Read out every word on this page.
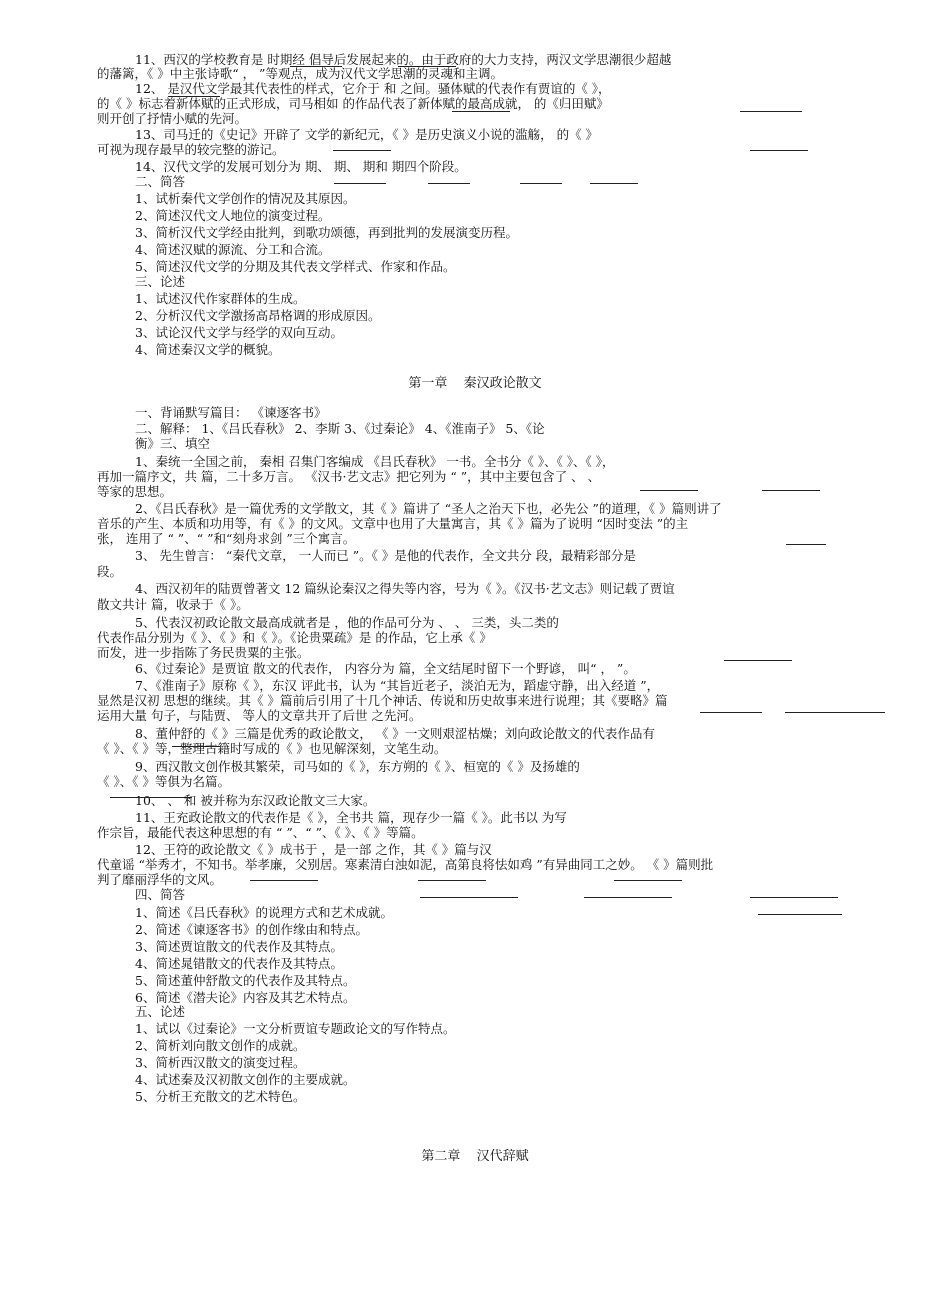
11、西汉的学校教育是 时期经 倡导后发展起来的。由于政府的大力支持，两汉文学思潮很少超越
的藩篱，《 》中主张诗歌“ ， ”等观点，成为汉代文学思潮的灵魂和主调。
12、 是汉代文学最其代表性的样式，它介于 和 之间。骚体赋的代表作有贾谊的《 》，
的《 》标志着新体赋的正式形成，司马相如 的作品代表了新体赋的最高成就， 的《归田赋》
则开创了抒情小赋的先河。
13、司马迁的《史记》开辟了 文学的新纪元，《 》是历史演义小说的滥觞， 的《 》
可视为现存最早的较完整的游记。
14、汉代文学的发展可划分为 期、 期、 期和 期四个阶段。
二、简答
1、试析秦代文学创作的情况及其原因。
2、简述汉代文人地位的演变过程。
3、简析汉代文学经由批判，到歌功颂德，再到批判的发展演变历程。
4、简述汉赋的源流、分工和合流。
5、简述汉代文学的分期及其代表文学样式、作家和作品。
三、论述
1、试述汉代作家群体的生成。
2、分析汉代文学激扬高昂格调的形成原因。
3、试论汉代文学与经学的双向互动。
4、简述秦汉文学的概貌。
第一章 秦汉政论散文
一、背诵默写篇目： 《谏逐客书》
二、解释： 1、《吕氏春秋》 2、李斯 3、《过秦论》 4、《淮南子》 5、《论
衡》三、填空
1、秦统一全国之前， 秦相 召集门客编成 《吕氏春秋》 一书。全书分《 》、《 》、《 》，
再加一篇序文，共 篇，二十多万言。 《汉书·艺文志》把它列为 “ ”，其中主要包含了 、 、
等家的思想。
2、《吕氏春秋》是一篇优秀的文学散文，其《 》篇讲了 “圣人之治天下也，必先公 ”的道理，《 》篇则讲了
音乐的产生、本质和功用等，有《 》的文风。文章中也用了大量寓言，其《 》篇为了说明 “因时变法 ”的主
张， 连用了 “ ”、“ ”和“刻舟求剑 ”三个寓言。
3、 先生曾言： “秦代文章， 一人而已 ”。《 》是他的代表作，全文共分 段，最精彩部分是
段。
4、西汉初年的陆贾曾著文 12 篇纵论秦汉之得失等内容，号为《 》。《汉书·艺文志》则记载了贾谊
散文共计 篇，收录于《 》。
5、代表汉初政论散文最高成就者是 ，他的作品可分为 、 、 三类，头二类的
代表作品分别为《 》、《 》和《 》。《论贵粟疏》是 的作品，它上承《 》
而发，进一步指陈了务民贵粟的主张。
6、《过秦论》是贾谊 散文的代表作， 内容分为 篇，全文结尾时留下一个野谚， 叫“ ， ”。
7、《淮南子》原称《 》，东汉 评此书，认为 “其旨近老子，淡泊无为，蹈虚守静，出入经道 ”，
显然是汉初 思想的继续。其《 》篇前后引用了十几个神话、传说和历史故事来进行说理；其《要略》篇
运用大量 句子，与陆贾、 等人的文章共开了后世 之先河。
8、董仲舒的《 》三篇是优秀的政论散文， 《 》一文则艰涩枯燥；刘向政论散文的代表作品有
《 》、《 》等，整理古籍时写成的《 》也见解深刻，文笔生动。
9、西汉散文创作极其繁荣，司马如的《 》，东方朔的《 》、桓宽的《 》及扬雄的
《 》、《 》等俱为名篇。
10、 、 和 被并称为东汉政论散文三大家。
11、王充政论散文的代表作是《 》，全书共 篇，现存少一篇《 》。此书以 为写
作宗旨，最能代表这种思想的有 “ ”、“ ”、《 》、《 》等篇。
12、王符的政论散文《 》成书于 ，是一部 之作，其《 》篇与汉
代童谣 “举秀才，不知书。举孝廉，父别居。寒素清白浊如泥，高第良将怯如鸡 ”有异曲同工之妙。 《 》篇则批
判了靡丽浮华的文风。
四、简答
1、简述《吕氏春秋》的说理方式和艺术成就。
2、简述《谏逐客书》的创作缘由和特点。
3、简述贾谊散文的代表作及其特点。
4、简述晁错散文的代表作及其特点。
5、简述董仲舒散文的代表作及其特点。
6、简述《潜夫论》内容及其艺术特点。
五、论述
1、试以《过秦论》一文分析贾谊专题政论文的写作特点。
2、简析刘向散文创作的成就。
3、简析西汉散文的演变过程。
4、试述秦及汉初散文创作的主要成就。
5、分析王充散文的艺术特色。
第二章 汉代辞赋
